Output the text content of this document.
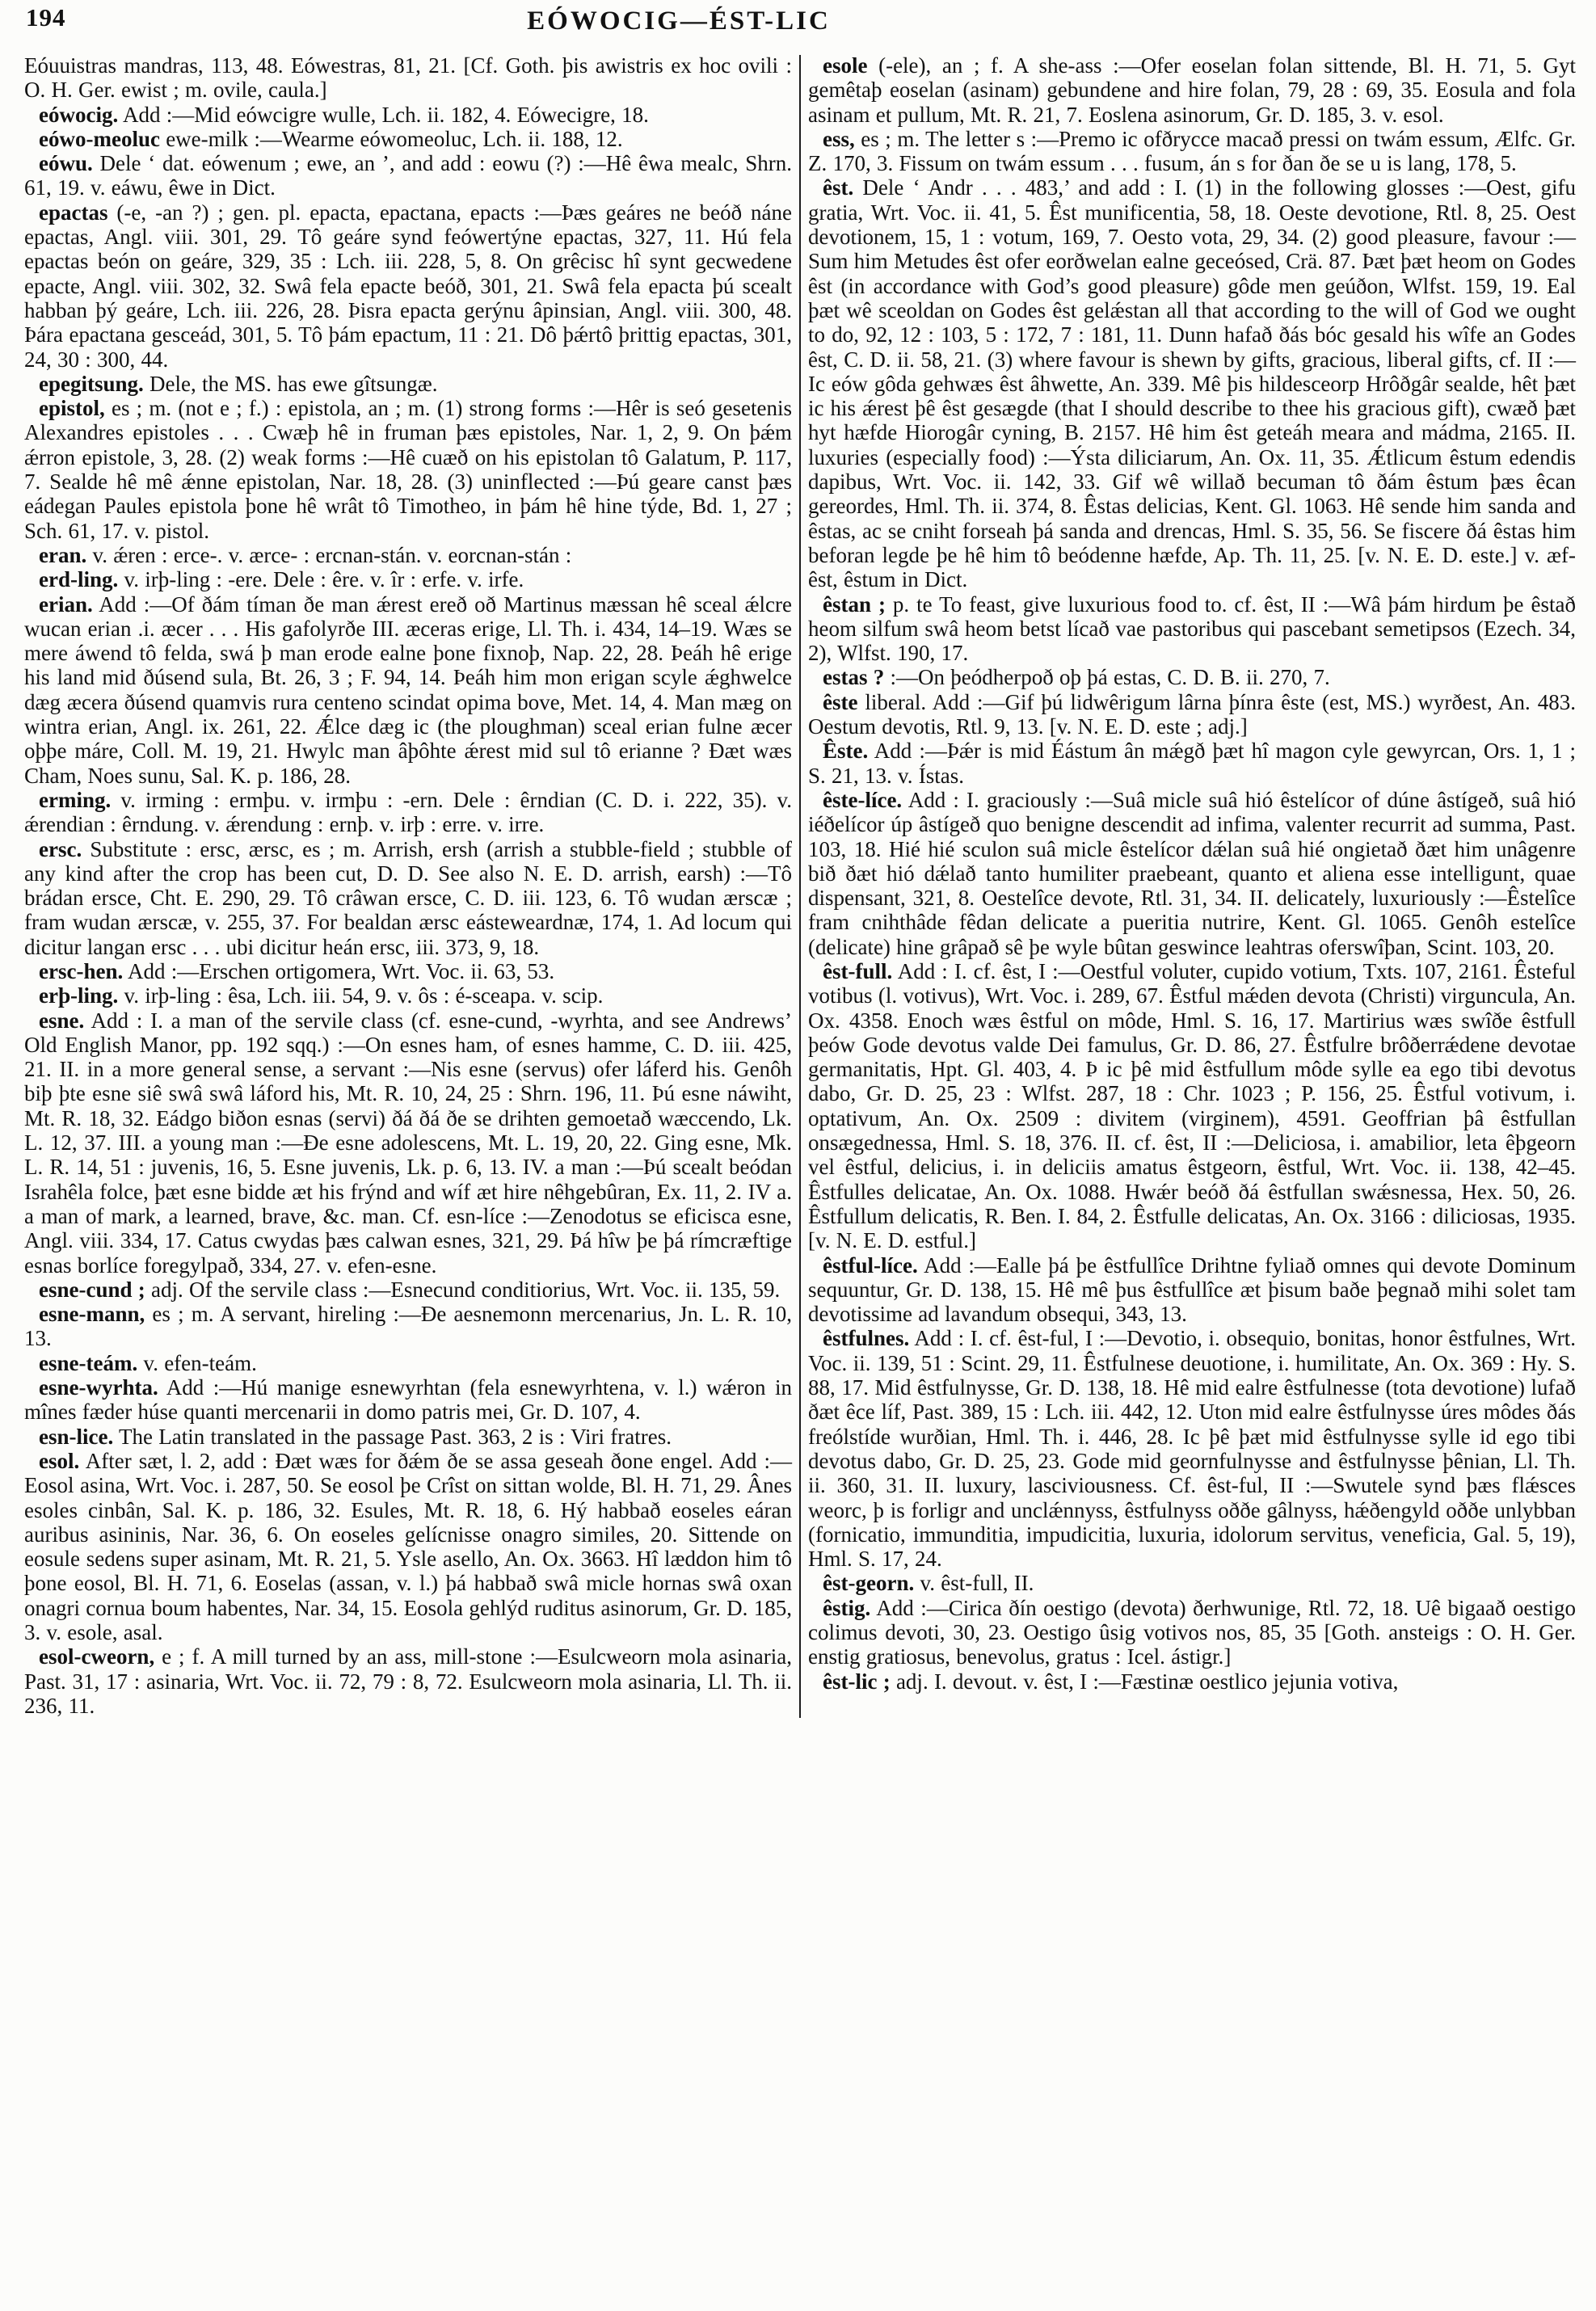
194	EÓWOCIG—ÉST-LIC

Eóuuistras mandras, 113, 48. Eówestras, 81, 21. [Cf. Goth. þis awistris ex hoc ovili : O. H. Ger. ewist ; m. ovile, caula.]

eówocig. Add :—Mid eówcigre wulle, Lch. ii. 182, 4. Eówecigre, 18.

eówo-meoluc ewe-milk :—Wearme eówomeoluc, Lch. ii. 188, 12.

eówu. Dele ‘ dat. eówenum ; ewe, an ’, and add : eowu (?) :—Hê êwa mealc, Shrn. 61, 19. v. eáwu, êwe in Dict.

epactas (-e, -an ?) ; gen. pl. epacta, epactana, epacts :—Þæs geáres ne beóð náne epactas, Angl. viii. 301, 29. Tô geáre synd feówertýne epactas, 327, 11. Hú fela epactas beón on geáre, 329, 35 : Lch. iii. 228, 5, 8. On grêcisc hî synt gecwedene epacte, Angl. viii. 302, 32. Swâ fela epacte beóð, 301, 21. Swâ fela epacta þú scealt habban þý geáre, Lch. iii. 226, 28. Þisra epacta gerýnu âpinsian, Angl. viii. 300, 48. Þára epactana gesceád, 301, 5. Tô þám epactum, 11 : 21. Dô þǽrtô þrittig epactas, 301, 24, 30 : 300, 44.

epegitsung. Dele, the MS. has ewe gîtsungæ.

epistol, es ; m. (not e ; f.) : epistola, an ; m. (1) strong forms :—Hêr is seó gesetenis Alexandres epistoles . . . Cwæþ hê in fruman þæs epistoles, Nar. 1, 2, 9. On þǽm ǽrron epistole, 3, 28. (2) weak forms :—Hê cuæð on his epistolan tô Galatum, P. 117, 7. Sealde hê mê ǽnne epistolan, Nar. 18, 28. (3) uninflected :—Þú geare canst þæs eádegan Paules epistola þone hê wrât tô Timotheo, in þám hê hine týde, Bd. 1, 27 ; Sch. 61, 17. v. pistol.

eran. v. ǽren : erce-. v. ærce- : ercnan-stán. v. eorcnan-stán :

erd-ling. v. irþ-ling : -ere. Dele : êre. v. îr : erfe. v. irfe.

erian. Add :—Of ðám tíman ðe man ǽrest ereð oð Martinus mæssan hê sceal ǽlcre wucan erian .i. æcer . . . His gafolyrðe III. æceras erige, Ll. Th. i. 434, 14–19. Wæs se mere áwend tô felda, swá þ man erode ealne þone fixnoþ, Nap. 22, 28. Þeáh hê erige his land mid ðúsend sula, Bt. 26, 3 ; F. 94, 14. Þeáh him mon erigan scyle ǽghwelce dæg æcera ðúsend quamvis rura centeno scindat opima bove, Met. 14, 4. Man mæg on wintra erian, Angl. ix. 261, 22. Ǽlce dæg ic (the ploughman) sceal erian fulne æcer oþþe máre, Coll. M. 19, 21. Hwylc man âþôhte ǽrest mid sul tô erianne ? Ðæt wæs Cham, Noes sunu, Sal. K. p. 186, 28.

erming. v. irming : ermþu. v. irmþu : -ern. Dele : êrndian (C. D. i. 222, 35). v. ǽrendian : êrndung. v. ǽrendung : ernþ. v. irþ : erre. v. irre.

ersc. Substitute : ersc, ærsc, es ; m. Arrish, ersh (arrish a stubble-field ; stubble of any kind after the crop has been cut, D. D. See also N. E. D. arrish, earsh) :—Tô brádan ersce, Cht. E. 290, 29. Tô crâwan ersce, C. D. iii. 123, 6. Tô wudan ærscæ ; fram wudan ærscæ, v. 255, 37. For bealdan ærsc eásteweardnæ, 174, 1. Ad locum qui dicitur langan ersc . . . ubi dicitur heán ersc, iii. 373, 9, 18.

ersc-hen. Add :—Erschen ortigomera, Wrt. Voc. ii. 63, 53.

erþ-ling. v. irþ-ling : êsa, Lch. iii. 54, 9. v. ôs : é-sceapa. v. scip.

esne. Add : I. a man of the servile class (cf. esne-cund, -wyrhta, and see Andrews’ Old English Manor, pp. 192 sqq.) :—On esnes ham, of esnes hamme, C. D. iii. 425, 21. II. in a more general sense, a servant :—Nis esne (servus) ofer láferd his. Genôh biþ þte esne siê swâ swâ láford his, Mt. R. 10, 24, 25 : Shrn. 196, 11. Þú esne náwiht, Mt. R. 18, 32. Eádgo biðon esnas (servi) ðá ðá ðe se drihten gemoetað wæccendo, Lk. L. 12, 37. III. a young man :—Ðe esne adolescens, Mt. L. 19, 20, 22. Ging esne, Mk. L. R. 14, 51 : juvenis, 16, 5. Esne juvenis, Lk. p. 6, 13. IV. a man :—Þú scealt beódan Israhêla folce, þæt esne bidde æt his frýnd and wíf æt hire nêhgebûran, Ex. 11, 2. IV a. a man of mark, a learned, brave, &c. man. Cf. esn-líce :—Zenodotus se eficisca esne, Angl. viii. 334, 17. Catus cwydas þæs calwan esnes, 321, 29. Þá hîw þe þá rímcræftige esnas borlíce foregylpað, 334, 27. v. efen-esne.

esne-cund ; adj. Of the servile class :—Esnecund conditiorius, Wrt. Voc. ii. 135, 59.

esne-mann, es ; m. A servant, hireling :—Ðe aesnemonn mercenarius, Jn. L. R. 10, 13.

esne-teám. v. efen-teám.

esne-wyrhta. Add :—Hú manige esnewyrhtan (fela esnewyrhtena, v. l.) wǽron in mînes fæder húse quanti mercenarii in domo patris mei, Gr. D. 107, 4.

esn-lice. The Latin translated in the passage Past. 363, 2 is : Viri fratres.

esol. After sæt, l. 2, add : Ðæt wæs for ðǽm ðe se assa geseah ðone engel. Add :—Eosol asina, Wrt. Voc. i. 287, 50. Se eosol þe Crîst on sittan wolde, Bl. H. 71, 29. Ânes esoles cinbân, Sal. K. p. 186, 32. Esules, Mt. R. 18, 6. Hý habbað eoseles eáran auribus asininis, Nar. 36, 6. On eoseles gelícnisse onagro similes, 20. Sittende on eosule sedens super asinam, Mt. R. 21, 5. Ysle asello, An. Ox. 3663. Hî læddon him tô þone eosol, Bl. H. 71, 6. Eoselas (assan, v. l.) þá habbað swâ micle hornas swâ oxan onagri cornua boum habentes, Nar. 34, 15. Eosola gehlýd ruditus asinorum, Gr. D. 185, 3. v. esole, asal.

esol-cweorn, e ; f. A mill turned by an ass, mill-stone :—Esulcweorn mola asinaria, Past. 31, 17 : asinaria, Wrt. Voc. ii. 72, 79 : 8, 72. Esulcweorn mola asinaria, Ll. Th. ii. 236, 11.

esole (-ele), an ; f. A she-ass :—Ofer eoselan folan sittende, Bl. H. 71, 5. Gyt gemêtaþ eoselan (asinam) gebundene and hire folan, 79, 28 : 69, 35. Eosula and fola asinam et pullum, Mt. R. 21, 7. Eoslena asinorum, Gr. D. 185, 3. v. esol.

ess, es ; m. The letter s :—Premo ic ofðrycce macað pressi on twám essum, Ælfc. Gr. Z. 170, 3. Fissum on twám essum . . . fusum, án s for ðan ðe se u is lang, 178, 5.

êst. Dele ‘ Andr . . . 483,’ and add : I. (1) in the following glosses :—Oest, gifu gratia, Wrt. Voc. ii. 41, 5. Êst munificentia, 58, 18. Oeste devotione, Rtl. 8, 25. Oest devotionem, 15, 1 : votum, 169, 7. Oesto vota, 29, 34. (2) good pleasure, favour :—Sum him Metudes êst ofer eorðwelan ealne geceósed, Crä. 87. Þæt þæt heom on Godes êst (in accordance with God’s good pleasure) gôde men geúðon, Wlfst. 159, 19. Eal þæt wê sceoldan on Godes êst gelǽstan all that according to the will of God we ought to do, 92, 12 : 103, 5 : 172, 7 : 181, 11. Dunn hafað ðás bóc gesald his wîfe an Godes êst, C. D. ii. 58, 21. (3) where favour is shewn by gifts, gracious, liberal gifts, cf. II :—Ic eów gôda gehwæs êst âhwette, An. 339. Mê þis hildesceorp Hrôðgâr sealde, hêt þæt ic his ǽrest þê êst gesægde (that I should describe to thee his gracious gift), cwæð þæt hyt hæfde Hiorogâr cyning, B. 2157. Hê him êst geteáh meara and mádma, 2165. II. luxuries (especially food) :—Ýsta diliciarum, An. Ox. 11, 35. Ǽtlicum êstum edendis dapibus, Wrt. Voc. ii. 142, 33. Gif wê willað becuman tô ðám êstum þæs êcan gereordes, Hml. Th. ii. 374, 8. Êstas delicias, Kent. Gl. 1063. Hê sende him sanda and êstas, ac se cniht forseah þá sanda and drencas, Hml. S. 35, 56. Se fiscere ðá êstas him beforan legde þe hê him tô beódenne hæfde, Ap. Th. 11, 25. [v. N. E. D. este.] v. æf-êst, êstum in Dict.

êstan ; p. te To feast, give luxurious food to. cf. êst, II :—Wâ þám hirdum þe êstað heom silfum swâ heom betst lícað vae pastoribus qui pascebant semetipsos (Ezech. 34, 2), Wlfst. 190, 17.

estas ? :—On þeódherpoð oþ þá estas, C. D. B. ii. 270, 7.

êste liberal. Add :—Gif þú lidwêrigum lârna þínra êste (est, MS.) wyrðest, An. 483. Oestum devotis, Rtl. 9, 13. [v. N. E. D. este ; adj.]

Êste. Add :—Þǽr is mid Éástum ân mǽgð þæt hî magon cyle gewyrcan, Ors. 1, 1 ; S. 21, 13. v. Ístas.

êste-líce. Add : I. graciously :—Suâ micle suâ hió êstelícor of dúne âstígeð, suâ hió iéðelícor úp âstígeð quo benigne descendit ad infima, valenter recurrit ad summa, Past. 103, 18. Hié hié sculon suâ micle êstelícor dǽlan suâ hié ongietað ðæt him unâgenre bið ðæt hió dǽlað tanto humiliter praebeant, quanto et aliena esse intelligunt, quae dispensant, 321, 8. Oestelîce devote, Rtl. 31, 34. II. delicately, luxuriously :—Êstelîce fram cnihthâde fêdan delicate a pueritia nutrire, Kent. Gl. 1065. Genôh estelîce (delicate) hine grâpað sê þe wyle bûtan geswince leahtras oferswîþan, Scint. 103, 20.

êst-full. Add : I. cf. êst, I :—Oestful voluter, cupido votium, Txts. 107, 2161. Êsteful votibus (l. votivus), Wrt. Voc. i. 289, 67. Êstful mǽden devota (Christi) virguncula, An. Ox. 4358. Enoch wæs êstful on môde, Hml. S. 16, 17. Martirius wæs swîðe êstfull þeów Gode devotus valde Dei famulus, Gr. D. 86, 27. Êstfulre brôðerrǽdene devotae germanitatis, Hpt. Gl. 403, 4. Þ ic þê mid êstfullum môde sylle ea ego tibi devotus dabo, Gr. D. 25, 23 : Wlfst. 287, 18 : Chr. 1023 ; P. 156, 25. Êstful votivum, i. optativum, An. Ox. 2509 : divitem (virginem), 4591. Geoffrian þâ êstfullan onsægednessa, Hml. S. 18, 376. II. cf. êst, II :—Deliciosa, i. amabilior, leta êþgeorn vel êstful, delicius, i. in deliciis amatus êstgeorn, êstful, Wrt. Voc. ii. 138, 42–45. Êstfulles delicatae, An. Ox. 1088. Hwǽr beóð ðá êstfullan swǽsnessa, Hex. 50, 26. Êstfullum delicatis, R. Ben. I. 84, 2. Êstfulle delicatas, An. Ox. 3166 : diliciosas, 1935. [v. N. E. D. estful.]

êstful-líce. Add :—Ealle þá þe êstfullîce Drihtne fyliað omnes qui devote Dominum sequuntur, Gr. D. 138, 15. Hê mê þus êstfullîce æt þisum baðe þegnað mihi solet tam devotissime ad lavandum obsequi, 343, 13.

êstfulnes. Add : I. cf. êst-ful, I :—Devotio, i. obsequio, bonitas, honor êstfulnes, Wrt. Voc. ii. 139, 51 : Scint. 29, 11. Êstfulnese deuotione, i. humilitate, An. Ox. 369 : Hy. S. 88, 17. Mid êstfulnysse, Gr. D. 138, 18. Hê mid ealre êstfulnesse (tota devotione) lufað ðæt êce líf, Past. 389, 15 : Lch. iii. 442, 12. Uton mid ealre êstfulnysse úres môdes ðás freólstíde wurðian, Hml. Th. i. 446, 28. Ic þê þæt mid êstfulnysse sylle id ego tibi devotus dabo, Gr. D. 25, 23. Gode mid geornfulnysse and êstfulnysse þênian, Ll. Th. ii. 360, 31. II. luxury, lasciviousness. Cf. êst-ful, II :—Swutele synd þæs flǽsces weorc, þ is forligr and unclǽnnyss, êstfulnyss oððe gâlnyss, hǽðengyld oððe unlybban (fornicatio, immunditia, impudicitia, luxuria, idolorum servitus, veneficia, Gal. 5, 19), Hml. S. 17, 24.

êst-georn. v. êst-full, II.

êstig. Add :—Cirica ðín oestigo (devota) ðerhwunige, Rtl. 72, 18. Uê bigaað oestigo colimus devoti, 30, 23. Oestigo ûsig votivos nos, 85, 35 [Goth. ansteigs : O. H. Ger. enstig gratiosus, benevolus, gratus : Icel. ástigr.]

êst-lic ; adj. I. devout. v. êst, I :—Fæstinæ oestlico jejunia votiva,
